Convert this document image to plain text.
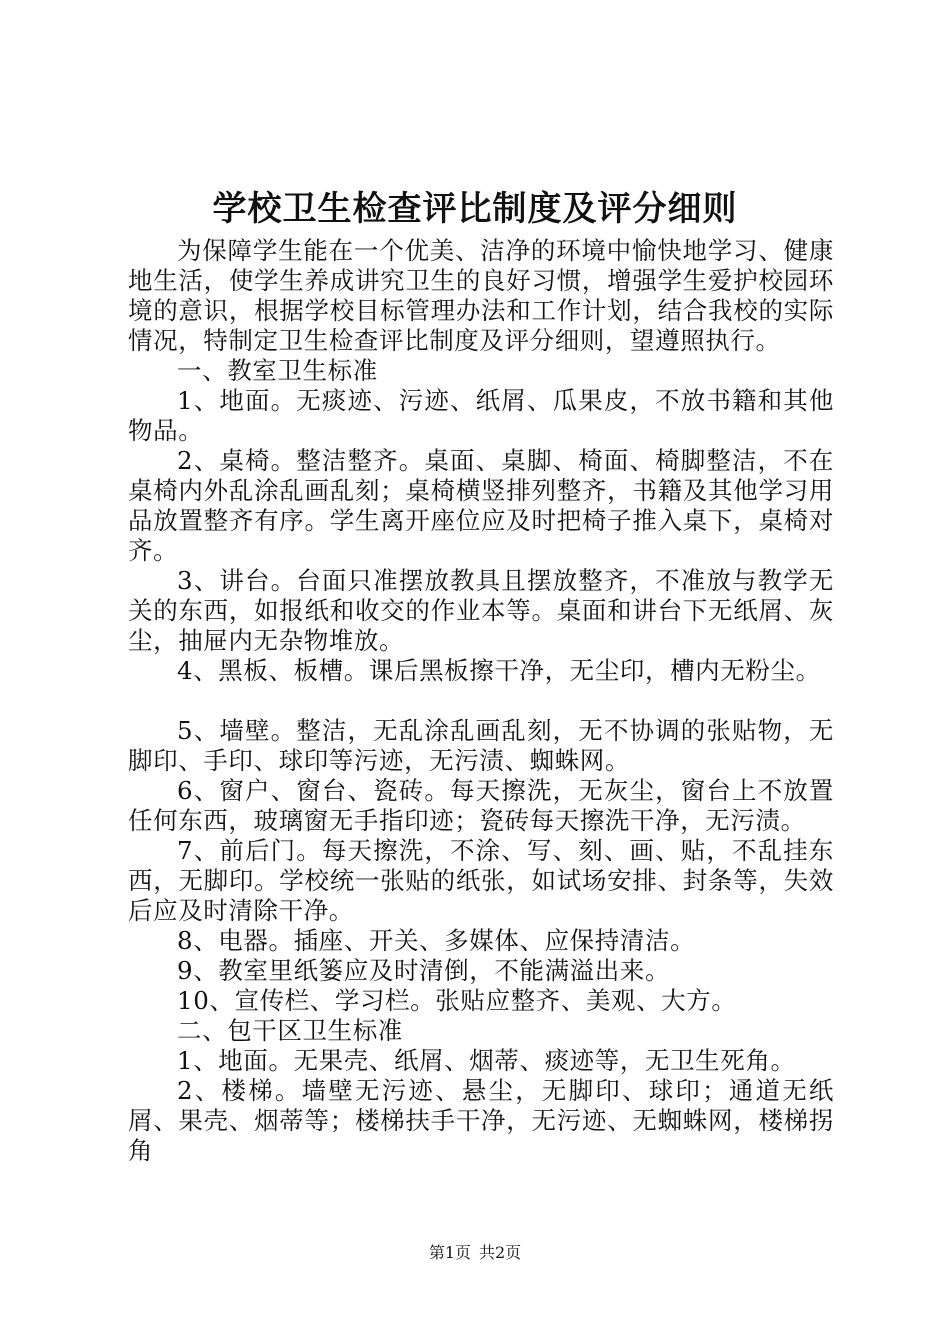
学校卫生检查评比制度及评分细则

为保障学生能在一个优美、洁净的环境中愉快地学习、健康地生活，使学生养成讲究卫生的良好习惯，增强学生爱护校园环境的意识，根据学校目标管理办法和工作计划，结合我校的实际情况，特制定卫生检查评比制度及评分细则，望遵照执行。

一、教室卫生标准

1、地面。无痰迹、污迹、纸屑、瓜果皮，不放书籍和其他物品。

2、桌椅。整洁整齐。桌面、桌脚、椅面、椅脚整洁，不在桌椅内外乱涂乱画乱刻；桌椅横竖排列整齐，书籍及其他学习用品放置整齐有序。学生离开座位应及时把椅子推入桌下，桌椅对齐。

3、讲台。台面只准摆放教具且摆放整齐，不准放与教学无关的东西，如报纸和收交的作业本等。桌面和讲台下无纸屑、灰尘，抽屉内无杂物堆放。

4、黑板、板槽。课后黑板擦干净，无尘印，槽内无粉尘。

5、墙壁。整洁，无乱涂乱画乱刻，无不协调的张贴物，无脚印、手印、球印等污迹，无污渍、蜘蛛网。

6、窗户、窗台、瓷砖。每天擦洗，无灰尘，窗台上不放置任何东西，玻璃窗无手指印迹；瓷砖每天擦洗干净，无污渍。

7、前后门。每天擦洗，不涂、写、刻、画、贴，不乱挂东西，无脚印。学校统一张贴的纸张，如试场安排、封条等，失效后应及时清除干净。

8、电器。插座、开关、多媒体、应保持清洁。

9、教室里纸篓应及时清倒，不能满溢出来。

10、宣传栏、学习栏。张贴应整齐、美观、大方。

二、包干区卫生标准

1、地面。无果壳、纸屑、烟蒂、痰迹等，无卫生死角。

2、楼梯。墙壁无污迹、悬尘，无脚印、球印；通道无纸屑、果壳、烟蒂等；楼梯扶手干净，无污迹、无蜘蛛网，楼梯拐角

第1页 共2页
